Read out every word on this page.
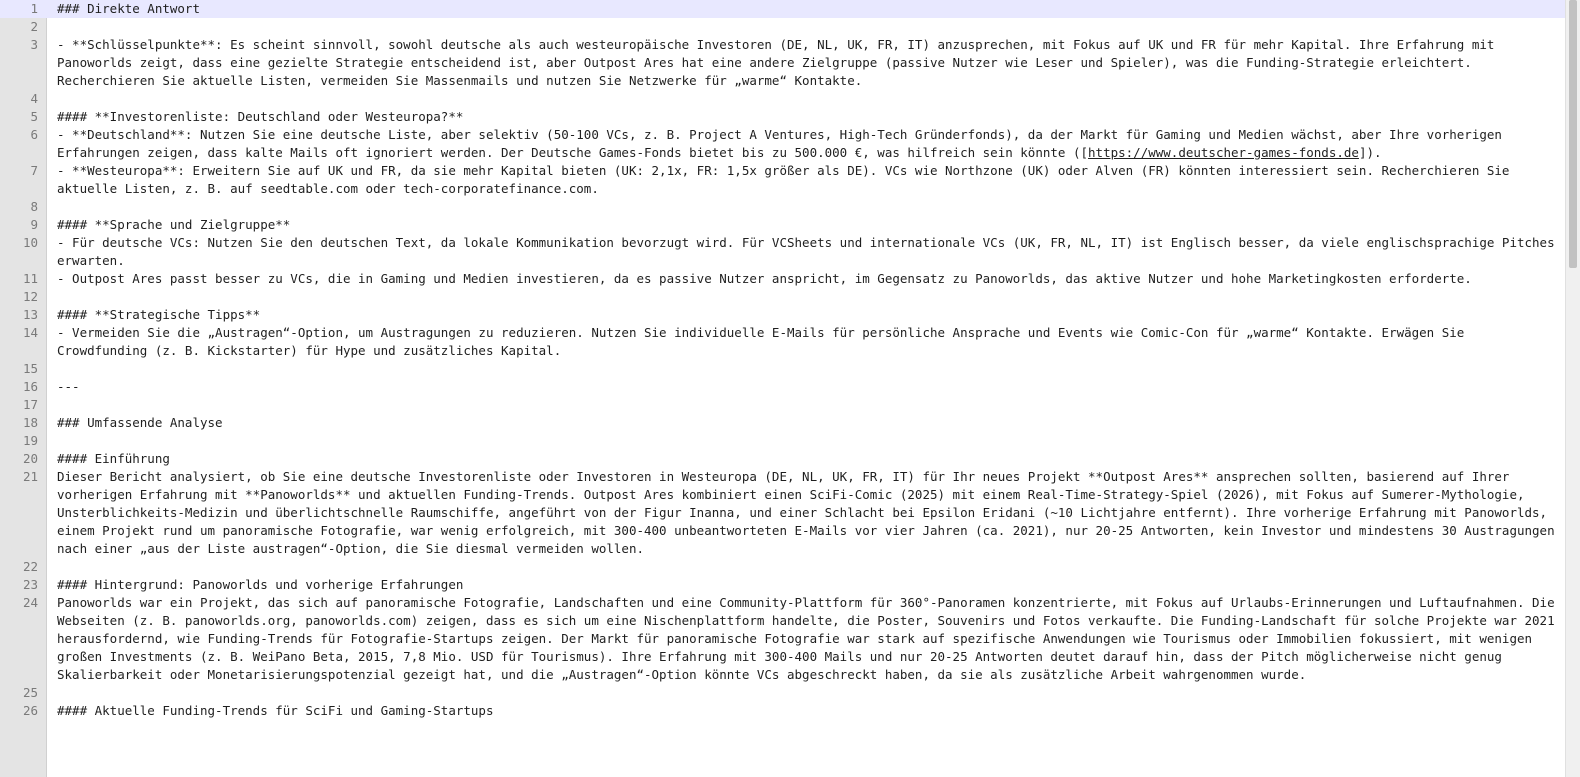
1	### Direkte Antwort
2
3	- **Schlüsselpunkte**: Es scheint sinnvoll, sowohl deutsche als auch westeuropäische Investoren (DE, NL, UK, FR, IT) anzusprechen, mit Fokus auf UK und FR für mehr Kapital. Ihre Erfahrung mit Panoworlds zeigt, dass eine gezielte Strategie entscheidend ist, aber Outpost Ares hat eine andere Zielgruppe (passive Nutzer wie Leser und Spieler), was die Funding-Strategie erleichtert. Recherchieren Sie aktuelle Listen, vermeiden Sie Massenmails und nutzen Sie Netzwerke für „warme“ Kontakte.
4
5	#### **Investorenliste: Deutschland oder Westeuropa?**
6	- **Deutschland**: Nutzen Sie eine deutsche Liste, aber selektiv (50-100 VCs, z. B. Project A Ventures, High-Tech Gründerfonds), da der Markt für Gaming und Medien wächst, aber Ihre vorherigen Erfahrungen zeigen, dass kalte Mails oft ignoriert werden. Der Deutsche Games-Fonds bietet bis zu 500.000 €, was hilfreich sein könnte ([https://www.deutscher-games-fonds.de]).
7	- **Westeuropa**: Erweitern Sie auf UK und FR, da sie mehr Kapital bieten (UK: 2,1x, FR: 1,5x größer als DE). VCs wie Northzone (UK) oder Alven (FR) könnten interessiert sein. Recherchieren Sie aktuelle Listen, z. B. auf seedtable.com oder tech-corporatefinance.com.
8
9	#### **Sprache und Zielgruppe**
10	- Für deutsche VCs: Nutzen Sie den deutschen Text, da lokale Kommunikation bevorzugt wird. Für VCSheets und internationale VCs (UK, FR, NL, IT) ist Englisch besser, da viele englischsprachige Pitches erwarten.
11	- Outpost Ares passt besser zu VCs, die in Gaming und Medien investieren, da es passive Nutzer anspricht, im Gegensatz zu Panoworlds, das aktive Nutzer und hohe Marketingkosten erforderte.
12
13	#### **Strategische Tipps**
14	- Vermeiden Sie die „Austragen“-Option, um Austragungen zu reduzieren. Nutzen Sie individuelle E-Mails für persönliche Ansprache und Events wie Comic-Con für „warme“ Kontakte. Erwägen Sie Crowdfunding (z. B. Kickstarter) für Hype und zusätzliches Kapital.
15
16	---
17
18	### Umfassende Analyse
19
20	#### Einführung
21	Dieser Bericht analysiert, ob Sie eine deutsche Investorenliste oder Investoren in Westeuropa (DE, NL, UK, FR, IT) für Ihr neues Projekt **Outpost Ares** ansprechen sollten, basierend auf Ihrer vorherigen Erfahrung mit **Panoworlds** und aktuellen Funding-Trends. Outpost Ares kombiniert einen SciFi-Comic (2025) mit einem Real-Time-Strategy-Spiel (2026), mit Fokus auf Sumerer-Mythologie, Unsterblichkeits-Medizin und überlichtschnelle Raumschiffe, angeführt von der Figur Inanna, und einer Schlacht bei Epsilon Eridani (~10 Lichtjahre entfernt). Ihre vorherige Erfahrung mit Panoworlds, einem Projekt rund um panoramische Fotografie, war wenig erfolgreich, mit 300-400 unbeantworteten E-Mails vor vier Jahren (ca. 2021), nur 20-25 Antworten, kein Investor und mindestens 30 Austragungen nach einer „aus der Liste austragen“-Option, die Sie diesmal vermeiden wollen.
22
23	#### Hintergrund: Panoworlds und vorherige Erfahrungen
24	Panoworlds war ein Projekt, das sich auf panoramische Fotografie, Landschaften und eine Community-Plattform für 360°-Panoramen konzentrierte, mit Fokus auf Urlaubs-Erinnerungen und Luftaufnahmen. Die Webseiten (z. B. panoworlds.org, panoworlds.com) zeigen, dass es sich um eine Nischenplattform handelte, die Poster, Souvenirs und Fotos verkaufte. Die Funding-Landschaft für solche Projekte war 2021 herausfordernd, wie Funding-Trends für Fotografie-Startups zeigen. Der Markt für panoramische Fotografie war stark auf spezifische Anwendungen wie Tourismus oder Immobilien fokussiert, mit wenigen großen Investments (z. B. WeiPano Beta, 2015, 7,8 Mio. USD für Tourismus). Ihre Erfahrung mit 300-400 Mails und nur 20-25 Antworten deutet darauf hin, dass der Pitch möglicherweise nicht genug Skalierbarkeit oder Monetarisierungspotenzial gezeigt hat, und die „Austragen“-Option könnte VCs abgeschreckt haben, da sie als zusätzliche Arbeit wahrgenommen wurde.
25
26	#### Aktuelle Funding-Trends für SciFi und Gaming-Startups
